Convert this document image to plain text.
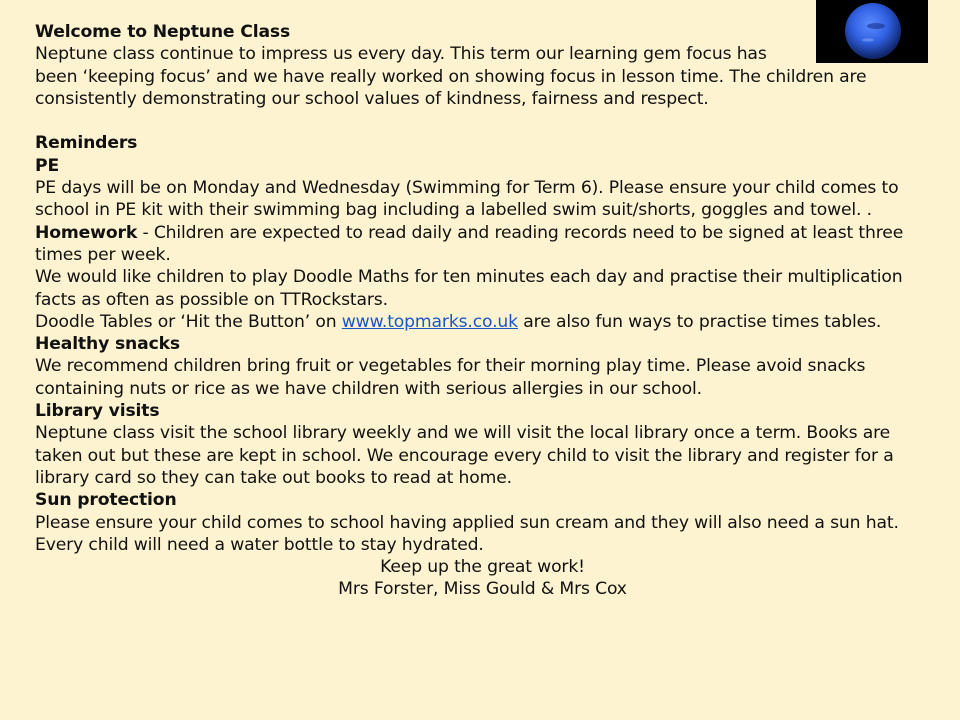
Welcome to Neptune Class

Neptune class continue to impress us every day. This term our learning gem focus has
been ‘keeping focus’ and we have really worked on showing focus in lesson time. The children are consistently demonstrating our school values of kindness, fairness and respect.

Reminders

PE

PE days will be on Monday and Wednesday (Swimming for Term 6). Please ensure your child comes to school in PE kit with their swimming bag including a labelled swim suit/shorts, goggles and towel. .

Homework - Children are expected to read daily and reading records need to be signed at least three times per week.

We would like children to play Doodle Maths for ten minutes each day and practise their multiplication facts as often as possible on TTRockstars.

Doodle Tables or ‘Hit the Button’ on www.topmarks.co.uk are also fun ways to practise times tables.

Healthy snacks

We recommend children bring fruit or vegetables for their morning play time. Please avoid snacks containing nuts or rice as we have children with serious allergies in our school.

Library visits

Neptune class visit the school library weekly and we will visit the local library once a term. Books are taken out but these are kept in school. We encourage every child to visit the library and register for a library card so they can take out books to read at home.

Sun protection

Please ensure your child comes to school having applied sun cream and they will also need a sun hat. Every child will need a water bottle to stay hydrated.

Keep up the great work!

Mrs Forster, Miss Gould & Mrs Cox
